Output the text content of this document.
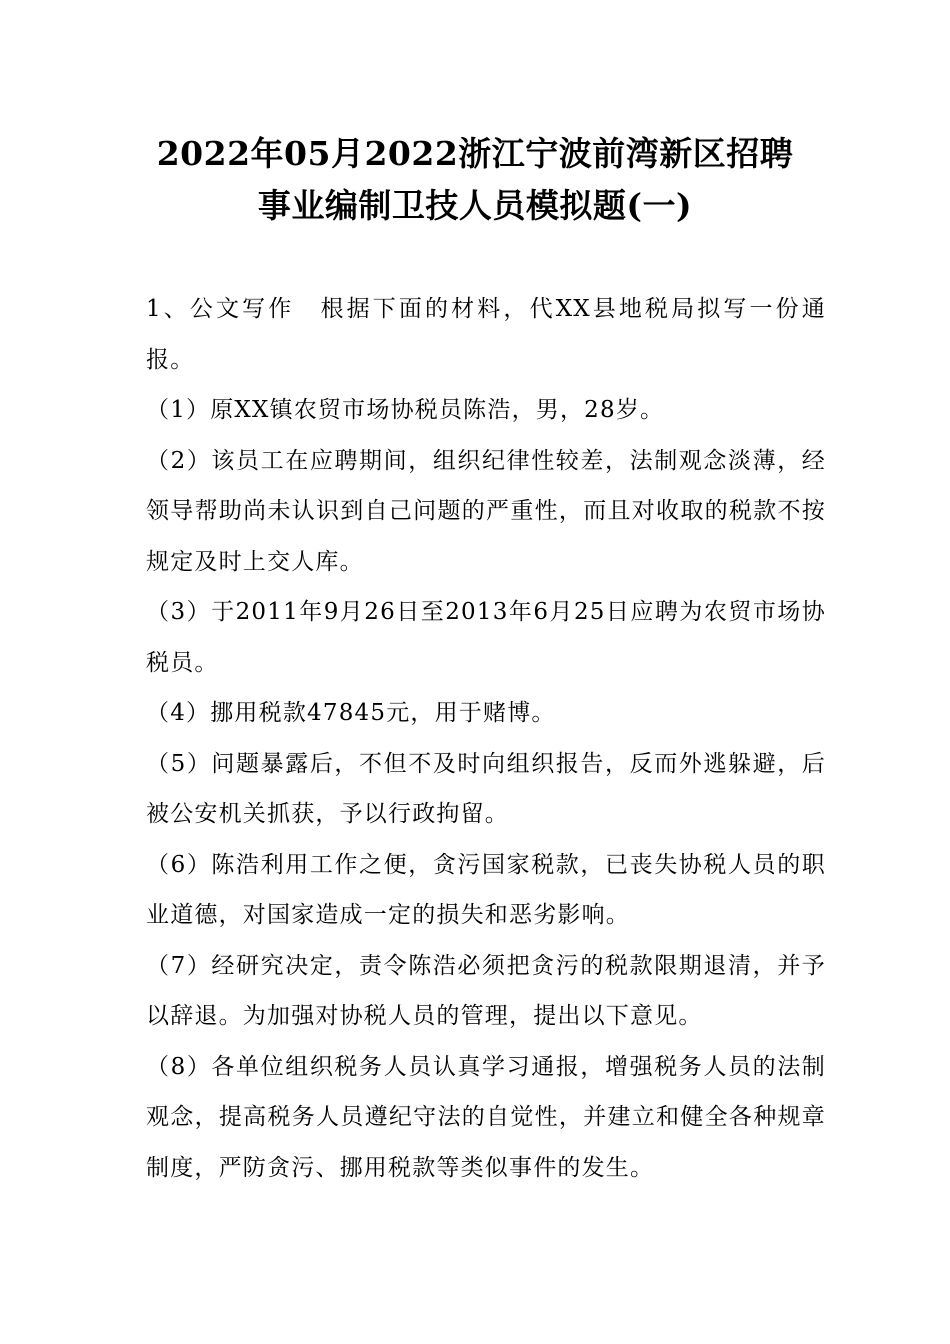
2022年05月2022浙江宁波前湾新区招聘
事业编制卫技人员模拟题(一)

1、公文写作　根据下面的材料，代XX县地税局拟写一份通报。

（1）原XX镇农贸市场协税员陈浩，男，28岁。

（2）该员工在应聘期间，组织纪律性较差，法制观念淡薄，经领导帮助尚未认识到自己问题的严重性，而且对收取的税款不按规定及时上交人库。

（3）于2011年9月26日至2013年6月25日应聘为农贸市场协税员。

（4）挪用税款47845元，用于赌博。

（5）问题暴露后，不但不及时向组织报告，反而外逃躲避，后被公安机关抓获，予以行政拘留。

（6）陈浩利用工作之便，贪污国家税款，已丧失协税人员的职业道德，对国家造成一定的损失和恶劣影响。

（7）经研究决定，责令陈浩必须把贪污的税款限期退清，并予以辞退。为加强对协税人员的管理，提出以下意见。

（8）各单位组织税务人员认真学习通报，增强税务人员的法制观念，提高税务人员遵纪守法的自觉性，并建立和健全各种规章制度，严防贪污、挪用税款等类似事件的发生。
